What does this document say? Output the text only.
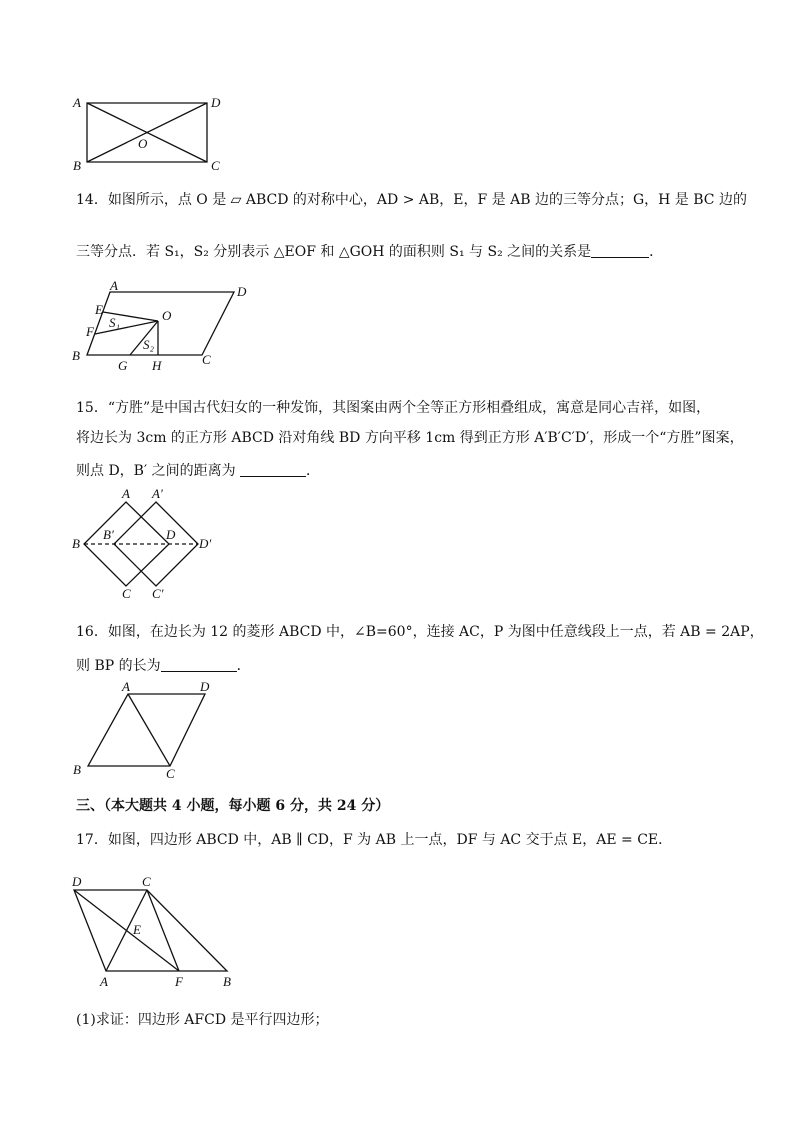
A	D
B	C
O
14．如图所示，点 O 是 ▱ ABCD 的对称中心，AD > AB，E，F 是 AB 边的三等分点；G，H 是 BC 边的
三等分点．若 S₁，S₂ 分别表示 △EOF 和 △GOH 的面积则 S₁ 与 S₂ 之间的关系是	．
A	D
E
F
O
S₁
S₂
B
G H	C
15．“方胜”是中国古代妇女的一种发饰，其图案由两个全等正方形相叠组成，寓意是同心吉祥，如图，
将边长为 3cm 的正方形 ABCD 沿对角线 BD 方向平移 1cm 得到正方形 A′B′C′D′，形成一个“方胜”图案，
则点 D，B′ 之间的距离为	．
A A′
B
B′	D
D′
C C′
16．如图，在边长为 12 的菱形 ABCD 中，∠B=60°，连接 AC，P 为图中任意线段上一点，若 AB = 2AP，
则 BP 的长为	．
A	D
B	C
三、（本大题共 4 小题，每小题 6 分，共 24 分）
17．如图，四边形 ABCD 中，AB ∥ CD，F 为 AB 上一点，DF 与 AC 交于点 E，AE = CE．
D	C
E
A	F	B
(1)求证：四边形 AFCD 是平行四边形；
